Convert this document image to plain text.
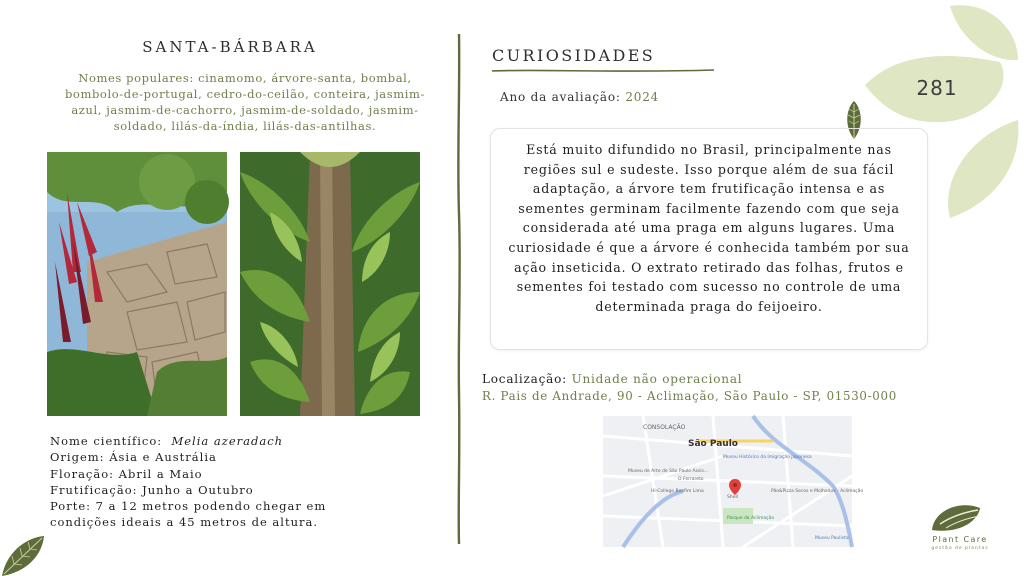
281
SANTA-BÁRBARA
Nomes populares: cinamomo, árvore-santa, bombal, bombolo-de-portugal, cedro-do-ceilão, conteira, jasmim-azul, jasmim-de-cachorro, jasmim-de-soldado, jasmim-soldado, lilás-da-índia, lilás-das-antilhas.
Nome científico: Melia azeradach
Origem: Ásia e Austrália
Floração: Abril a Maio
Frutificação: Junho a Outubro
Porte: 7 a 12 metros podendo chegar em condições ideais a 45 metros de altura.
CURIOSIDADES
Ano da avaliação: 2024

Está muito difundido no Brasil, principalmente nas regiões sul e sudeste. Isso porque além de sua fácil adaptação, a árvore tem frutificação intensa e as sementes germinam facilmente fazendo com que seja considerada até uma praga em alguns lugares. Uma curiosidade é que a árvore é conhecida também por sua ação inseticida. O extrato retirado das folhas, frutos e sementes foi testado com sucesso no controle de uma determinada praga do feijoeiro.

Localização: Unidade não operacional
R. Pais de Andrade, 90 - Aclimação, São Paulo - SP, 01530-000
CONSOLAÇÃO
São Paulo
Museu Histórico da Imigração Japonesa
Museu de Arte de São Paulo Assis...
O Ferrareto
Hi-College Bonfim Lima
Shell
Pão&Pizza Secos e Molhados - Aclimação
Parque da Aclimação
Museu Paulista	Plant Care
gestão de plantas
